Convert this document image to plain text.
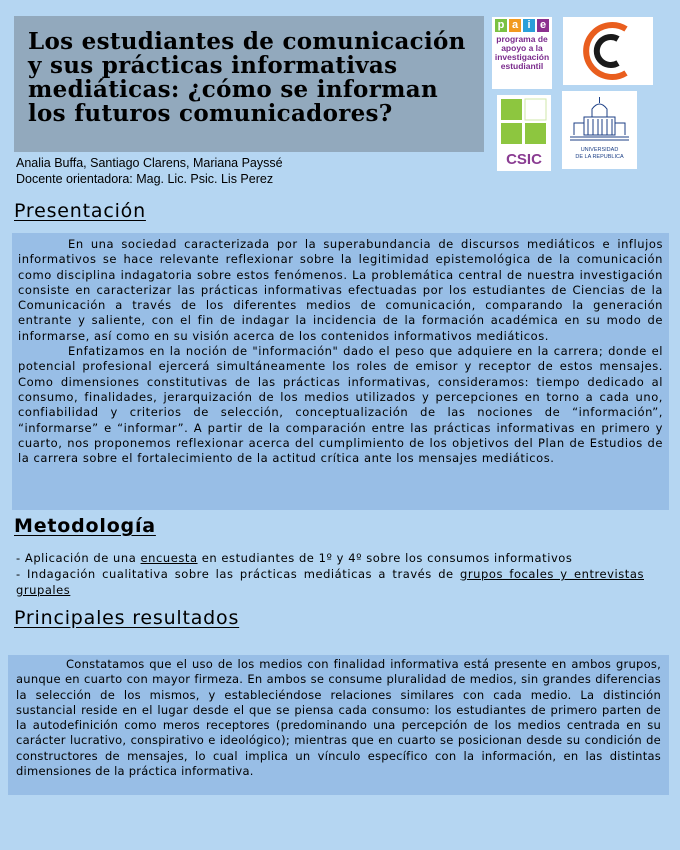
Los estudiantes de comunicación y sus prácticas informativas mediáticas: ¿cómo se informan los futuros comunicadores?
Analia Buffa, Santiago Clarens, Mariana Payssé
Docente orientadora: Mag. Lic. Psic. Lis Perez
p a i e
programa de apoyo a la investigación estudiantil
CSIC
UNIVERSIDAD
DE LA REPUBLICA
Presentación

En una sociedad caracterizada por la superabundancia de discursos mediáticos e influjos informativos se hace relevante reflexionar sobre la legitimidad epistemológica de la comunicación como disciplina indagatoria sobre estos fenómenos. La problemática central de nuestra investigación consiste en caracterizar las prácticas informativas efectuadas por los estudiantes de Ciencias de la Comunicación a través de los diferentes medios de comunicación, comparando la generación entrante y saliente, con el fin de indagar la incidencia de la formación académica en su modo de informarse, así como en su visión acerca de los contenidos informativos mediáticos.

Enfatizamos en la noción de "información" dado el peso que adquiere en la carrera; donde el potencial profesional ejercerá simultáneamente los roles de emisor y receptor de estos mensajes. Como dimensiones constitutivas de las prácticas informativas, consideramos: tiempo dedicado al consumo, finalidades, jerarquización de los medios utilizados y percepciones en torno a cada uno, confiabilidad y criterios de selección, conceptualización de las nociones de “información”, “informarse” e “informar”. A partir de la comparación entre las prácticas informativas en primero y cuarto, nos proponemos reflexionar acerca del cumplimiento de los objetivos del Plan de Estudios de la carrera sobre el fortalecimiento de la actitud crítica ante los mensajes mediáticos.

Metodología
- Aplicación de una encuesta en estudiantes de 1º y 4º sobre los consumos informativos
- Indagación cualitativa sobre las prácticas mediáticas a través de grupos focales y entrevistas grupales
Principales resultados

Constatamos que el uso de los medios con finalidad informativa está presente en ambos grupos, aunque en cuarto con mayor firmeza. En ambos se consume pluralidad de medios, sin grandes diferencias la selección de los mismos, y estableciéndose relaciones similares con cada medio. La distinción sustancial reside en el lugar desde el que se piensa cada consumo: los estudiantes de primero parten de la autodefinición como meros receptores (predominando una percepción de los medios centrada en su carácter lucrativo, conspirativo e ideológico); mientras que en cuarto se posicionan desde su condición de constructores de mensajes, lo cual implica un vínculo específico con la información, en las distintas dimensiones de la práctica informativa.
